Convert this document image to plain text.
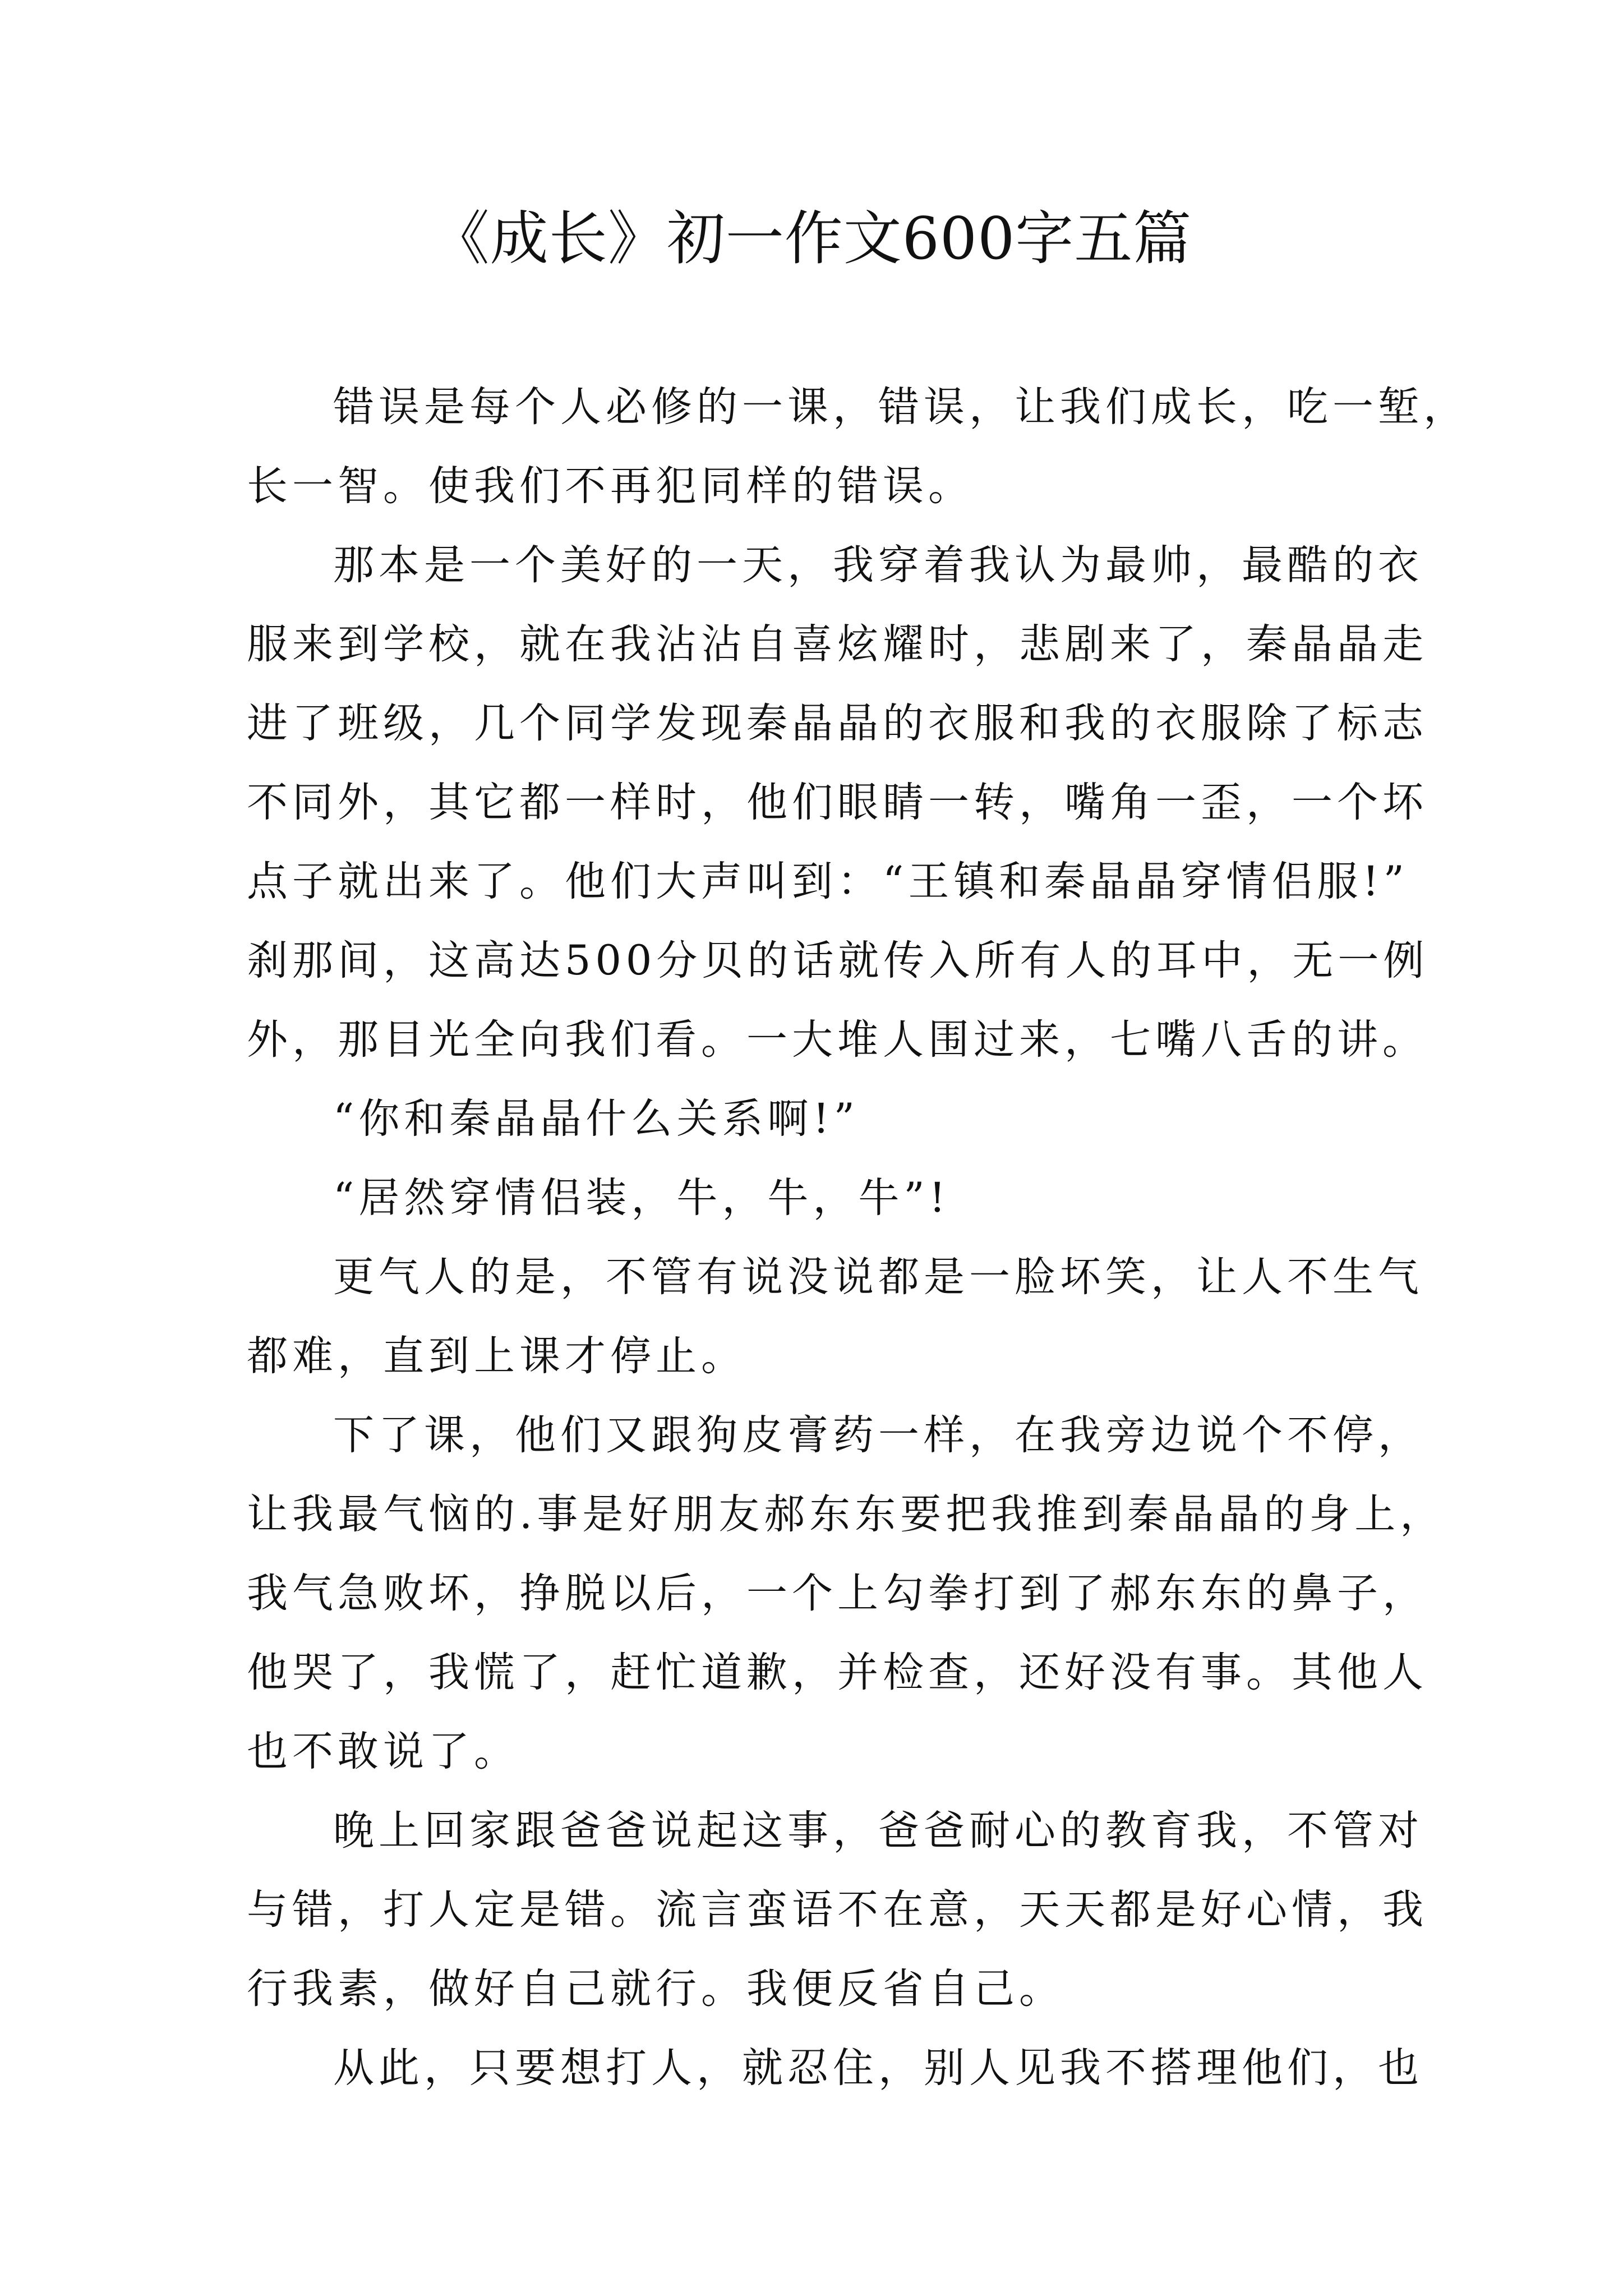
《成长》初一作文600字五篇
错误是每个人必修的一课，错误，让我们成长，吃一堑，
长一智。使我们不再犯同样的错误。
那本是一个美好的一天，我穿着我认为最帅，最酷的衣
服来到学校，就在我沾沾自喜炫耀时，悲剧来了，秦晶晶走
进了班级，几个同学发现秦晶晶的衣服和我的衣服除了标志
不同外，其它都一样时，他们眼睛一转，嘴角一歪，一个坏
点子就出来了。他们大声叫到：“王镇和秦晶晶穿情侣服!”
刹那间，这高达500分贝的话就传入所有人的耳中，无一例
外，那目光全向我们看。一大堆人围过来，七嘴八舌的讲。
“你和秦晶晶什么关系啊!”
“居然穿情侣装，牛，牛，牛”!
更气人的是，不管有说没说都是一脸坏笑，让人不生气
都难，直到上课才停止。
下了课，他们又跟狗皮膏药一样，在我旁边说个不停，
让我最气恼的.事是好朋友郝东东要把我推到秦晶晶的身上，
我气急败坏，挣脱以后，一个上勾拳打到了郝东东的鼻子，
他哭了，我慌了，赶忙道歉，并检查，还好没有事。其他人
也不敢说了。
晚上回家跟爸爸说起这事，爸爸耐心的教育我，不管对
与错，打人定是错。流言蛮语不在意，天天都是好心情，我
行我素，做好自己就行。我便反省自己。
从此，只要想打人，就忍住，别人见我不搭理他们，也
